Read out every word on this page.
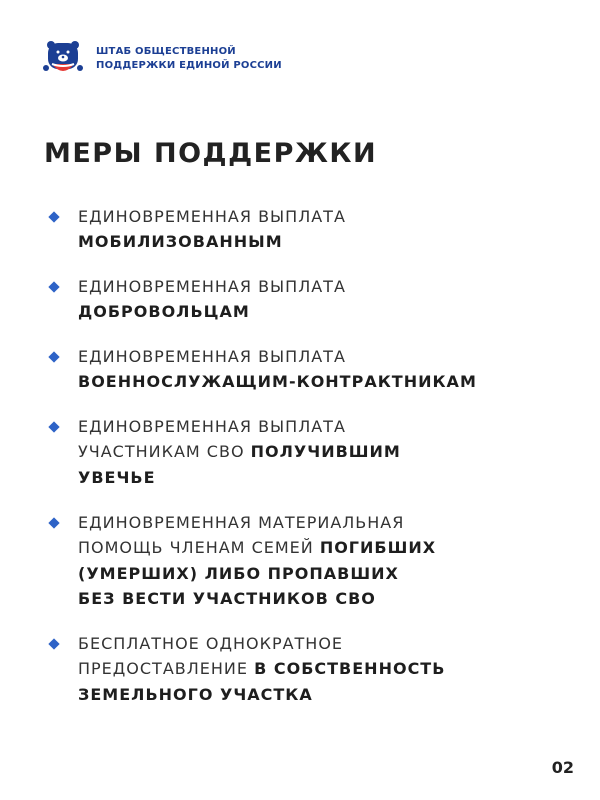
ШТАБ ОБЩЕСТВЕННОЙ
ПОДДЕРЖКИ ЕДИНОЙ РОССИИ
МЕРЫ ПОДДЕРЖКИ
ЕДИНОВРЕМЕННАЯ ВЫПЛАТА
МОБИЛИЗОВАННЫМ
ЕДИНОВРЕМЕННАЯ ВЫПЛАТА
ДОБРОВОЛЬЦАМ
ЕДИНОВРЕМЕННАЯ ВЫПЛАТА
ВОЕННОСЛУЖАЩИМ-КОНТРАКТНИКАМ
ЕДИНОВРЕМЕННАЯ ВЫПЛАТА
УЧАСТНИКАМ СВО ПОЛУЧИВШИМ
УВЕЧЬЕ
ЕДИНОВРЕМЕННАЯ МАТЕРИАЛЬНАЯ
ПОМОЩЬ ЧЛЕНАМ СЕМЕЙ ПОГИБШИХ
(УМЕРШИХ) ЛИБО ПРОПАВШИХ
БЕЗ ВЕСТИ УЧАСТНИКОВ СВО
БЕСПЛАТНОЕ ОДНОКРАТНОЕ
ПРЕДОСТАВЛЕНИЕ В СОБСТВЕННОСТЬ
ЗЕМЕЛЬНОГО УЧАСТКА
02
